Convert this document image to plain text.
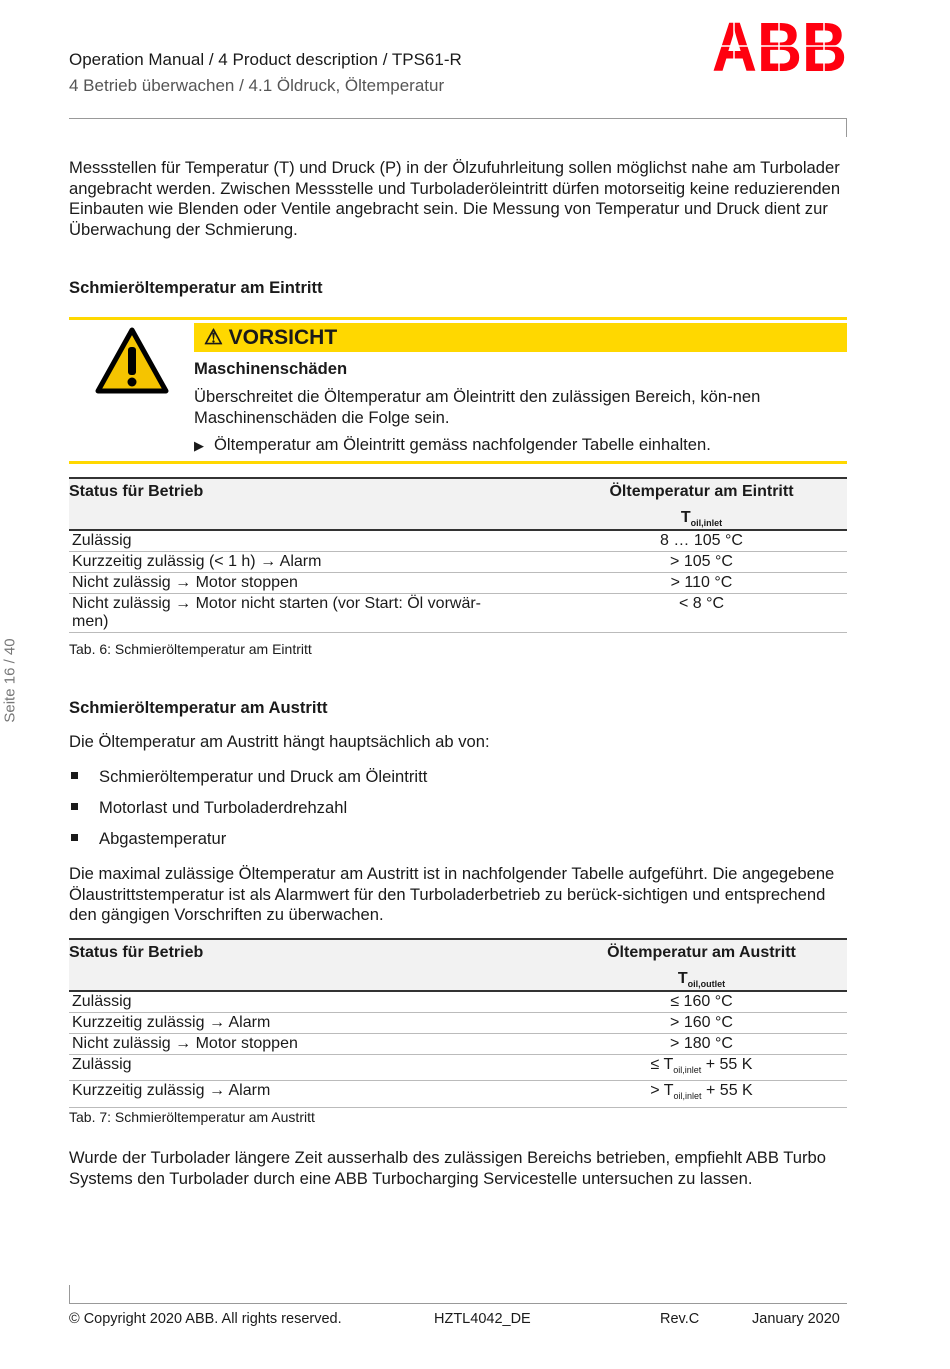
Operation Manual / 4 Product description / TPS61-R
4 Betrieb überwachen / 4.1 Öldruck, Öltemperatur	ABB
Seite 16 / 40
Messstellen für Temperatur (T) und Druck (P) in der Ölzufuhrleitung sollen möglichst nahe am Turbolader angebracht werden. Zwischen Messstelle und Turboladeröleintritt dürfen motorseitig keine reduzierenden Einbauten wie Blenden oder Ventile angebracht sein. Die Messung von Temperatur und Druck dient zur Überwachung der Schmierung.
Schmieröltemperatur am Eintritt
⚠ VORSICHT
Maschinenschäden
Überschreitet die Öltemperatur am Öleintritt den zulässigen Bereich, kön-nen Maschinenschäden die Folge sein.
▶ Öltemperatur am Öleintritt gemäss nachfolgender Tabelle einhalten.
Status für Betrieb	Öltemperatur am Eintritt
$T_{oil,inlet}$

Zulässig	8 … 105 °C
Kurzzeitig zulässig (< 1 h) → Alarm	> 105 °C
Nicht zulässig → Motor stoppen	> 110 °C
Nicht zulässig → Motor nicht starten (vor Start: Öl vorwär-men)	< 8 °C
Tab. 6: Schmieröltemperatur am Eintritt
Schmieröltemperatur am Austritt
Die Öltemperatur am Austritt hängt hauptsächlich ab von:
Schmieröltemperatur und Druck am Öleintritt
Motorlast und Turboladerdrehzahl
Abgastemperatur
Die maximal zulässige Öltemperatur am Austritt ist in nachfolgender Tabelle aufgeführt. Die angegebene Ölaustrittstemperatur ist als Alarmwert für den Turboladerbetrieb zu berück-sichtigen und entsprechend den gängigen Vorschriften zu überwachen.
Status für Betrieb	Öltemperatur am Austritt
$T_{oil,outlet}$

Zulässig	≤ 160 °C
Kurzzeitig zulässig → Alarm	> 160 °C
Nicht zulässig → Motor stoppen	> 180 °C
Zulässig	≤ $T_{oil,inlet} + 55$ K
Kurzzeitig zulässig → Alarm	> $T_{oil,inlet} + 55$ K
Tab. 7: Schmieröltemperatur am Austritt
Wurde der Turbolader längere Zeit ausserhalb des zulässigen Bereichs betrieben, empfiehlt ABB Turbo Systems den Turbolader durch eine ABB Turbocharging Servicestelle untersuchen zu lassen.
© Copyright 2020 ABB. All rights reserved.	HZTL4042_DE	Rev.C	January 2020
